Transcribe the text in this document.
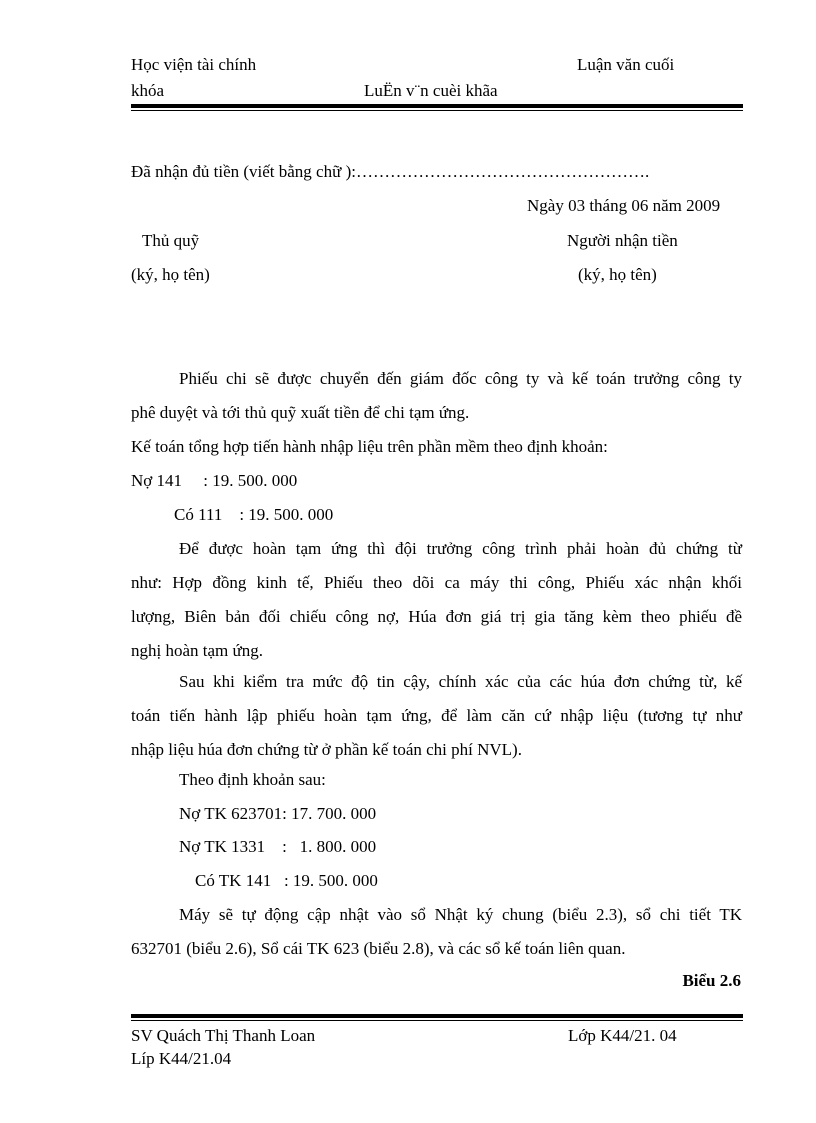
Học viện tài chính	Luận văn cuối
khóa	LuËn v¨n cuèi khãa
Đã nhận đủ tiền (viết bằng chữ ):…………………………………………….
Ngày 03 tháng 06 năm 2009
Thủ quỹ	Người nhận tiền
(ký, họ tên)	(ký, họ tên)

Phiếu chi sẽ được chuyển đến giám đốc công ty và kế toán trưởng công ty

phê duyệt và tới thủ quỹ xuất tiền để chi tạm ứng.

Kế toán tổng hợp tiến hành nhập liệu trên phần mềm theo định khoản:
Nợ 141     : 19. 500. 000
Có 111    : 19. 500. 000

Để được hoàn tạm ứng thì đội trưởng công trình phải hoàn đủ chứng từ

như: Hợp đồng kinh tế, Phiếu theo dõi ca máy thi công, Phiếu xác nhận khối

lượng, Biên bản đối chiếu công nợ, Húa đơn giá trị gia tăng kèm theo phiếu đề

nghị hoàn tạm ứng.

Sau khi kiểm tra mức độ tin cậy, chính xác của các húa đơn chứng từ, kế

toán tiến hành lập phiếu hoàn tạm ứng, để làm căn cứ nhập liệu (tương tự như

nhập liệu húa đơn chứng từ ở phần kế toán chi phí NVL).

Theo định khoản sau:
Nợ TK 623701: 17. 700. 000
Nợ TK 1331    :   1. 800. 000
Có TK 141   : 19. 500. 000

Máy sẽ tự động cập nhật vào sổ Nhật ký chung (biểu 2.3), sổ chi tiết TK

632701 (biểu 2.6), Sổ cái TK 623 (biểu 2.8), và các sổ kế toán liên quan.

Biểu 2.6
SV Quách Thị Thanh Loan	Lớp K44/21. 04
Líp K44/21.04
